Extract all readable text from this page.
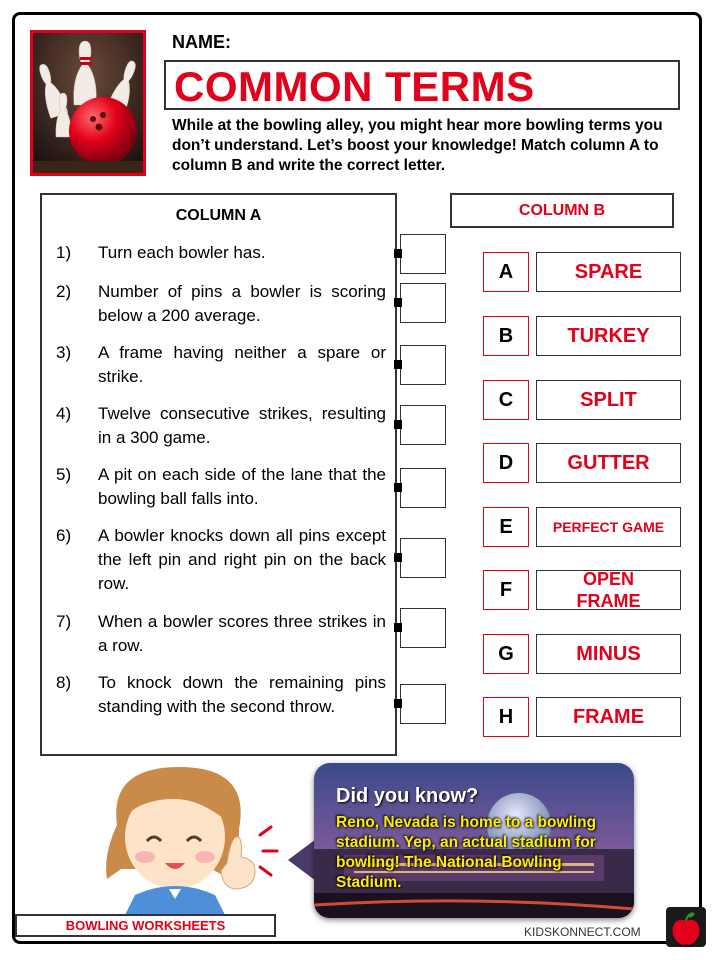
NAME:
COMMON TERMS
While at the bowling alley, you might hear more bowling terms you don’t understand. Let’s boost your knowledge! Match column A to column B and write the correct letter.
COLUMN A
1) Turn each bowler has.
2) Number of pins a bowler is scoring below a 200 average.
3) A frame having neither a spare or strike.
4) Twelve consecutive strikes, resulting in a 300 game.
5) A pit on each side of the lane that the bowling ball falls into.
6) A bowler knocks down all pins except the left pin and right pin on the back row.
7) When a bowler scores three strikes in a row.
8) To knock down the remaining pins standing with the second throw.
COLUMN B
A	SPARE
B	TURKEY
C	SPLIT
D	GUTTER
E	PERFECT GAME
F	OPEN FRAME
G	MINUS
H	FRAME
Did you know?
Reno, Nevada is home to a bowling stadium. Yep, an actual stadium for bowling! The National Bowling Stadium.
BOWLING WORKSHEETS	KIDSKONNECT.COM
